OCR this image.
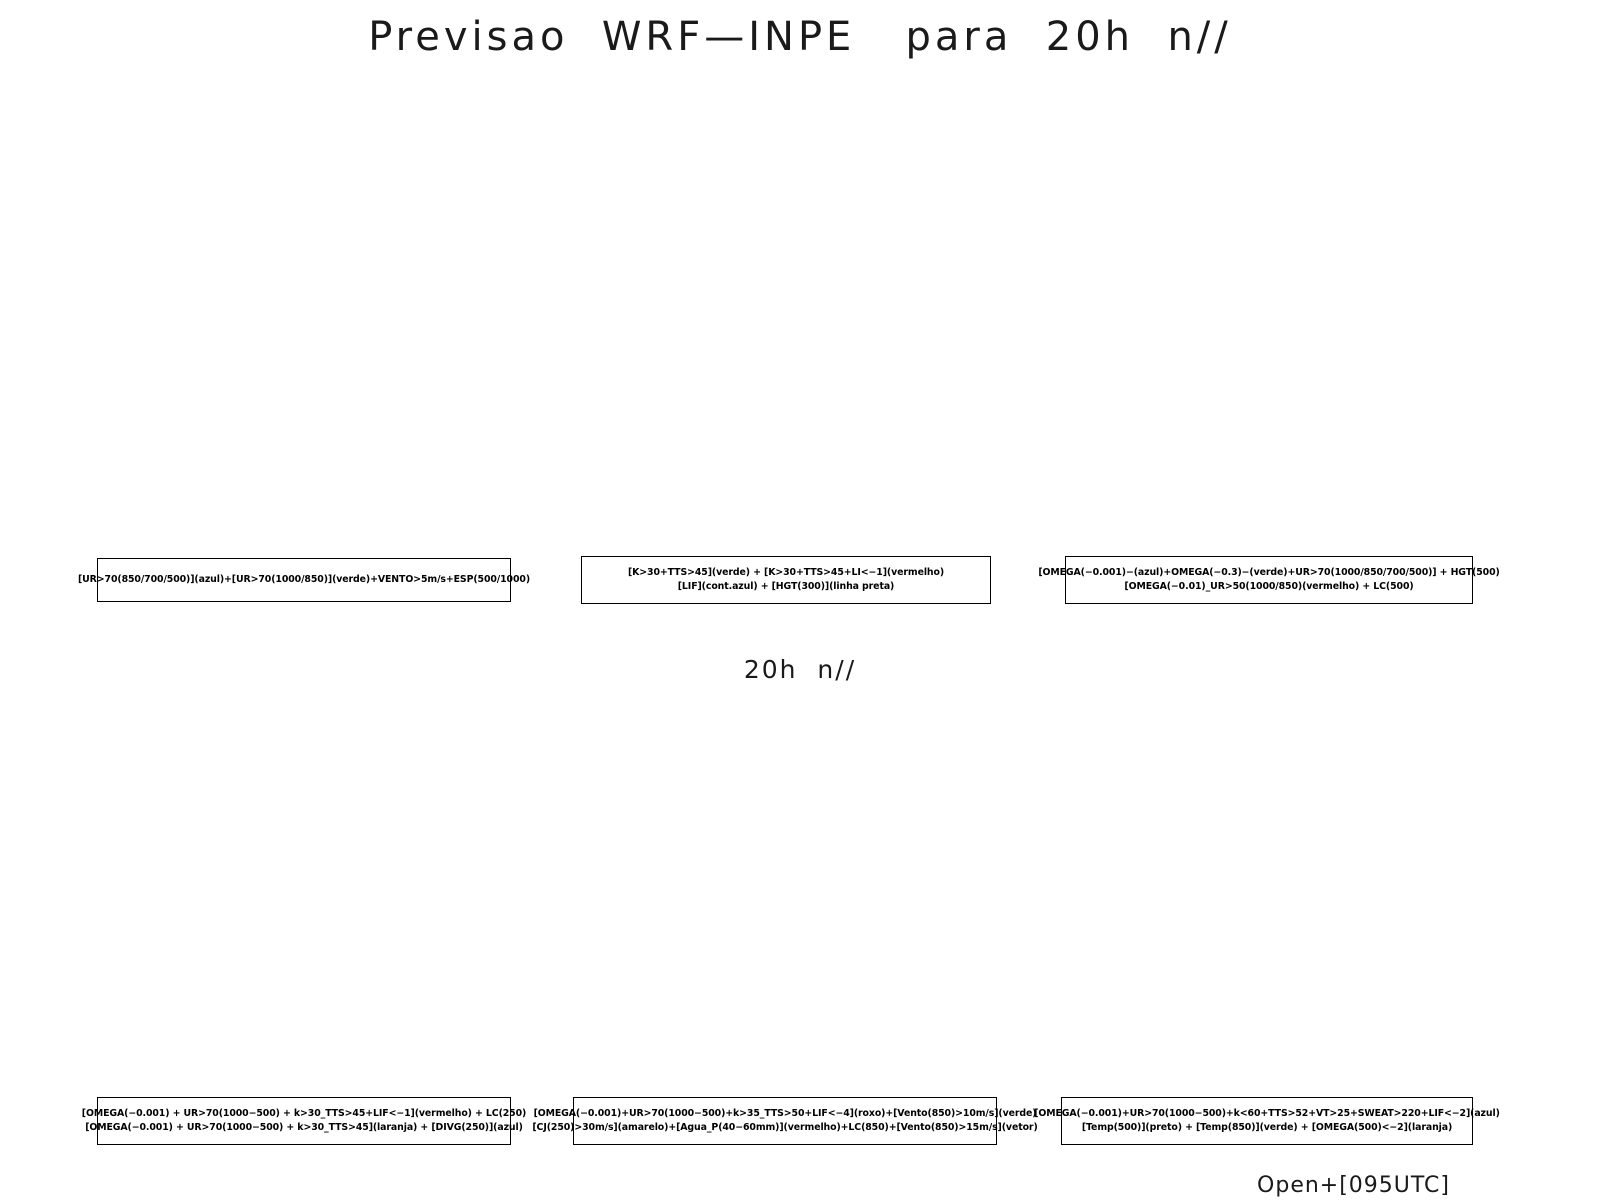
Previsao  WRF—INPE   para  20h  n//
[UR>70(850/700/500)](azul)+[UR>70(1000/850)](verde)+VENTO>5m/s+ESP(500/1000)
[K>30+TTS>45](verde) + [K>30+TTS>45+LI<−1](vermelho)
[LIF](cont.azul) + [HGT(300)](linha preta)
[OMEGA(−0.001)−(azul)+OMEGA(−0.3)−(verde)+UR>70(1000/850/700/500)] + HGT(500)
[OMEGA(−0.01)_UR>50(1000/850)(vermelho) + LC(500)
20h  n//
[OMEGA(−0.001) + UR>70(1000−500) + k>30_TTS>45+LIF<−1](vermelho) + LC(250)
[OMEGA(−0.001) + UR>70(1000−500) + k>30_TTS>45](laranja) + [DIVG(250)](azul)
[OMEGA(−0.001)+UR>70(1000−500)+k>35_TTS>50+LIF<−4](roxo)+[Vento(850)>10m/s](verde)
[CJ(250)>30m/s](amarelo)+[Agua_P(40−60mm)](vermelho)+LC(850)+[Vento(850)>15m/s](vetor)
[OMEGA(−0.001)+UR>70(1000−500)+k<60+TTS>52+VT>25+SWEAT>220+LIF<−2](azul)
[Temp(500)](preto) + [Temp(850)](verde) + [OMEGA(500)<−2](laranja)
Open+[095UTC]
